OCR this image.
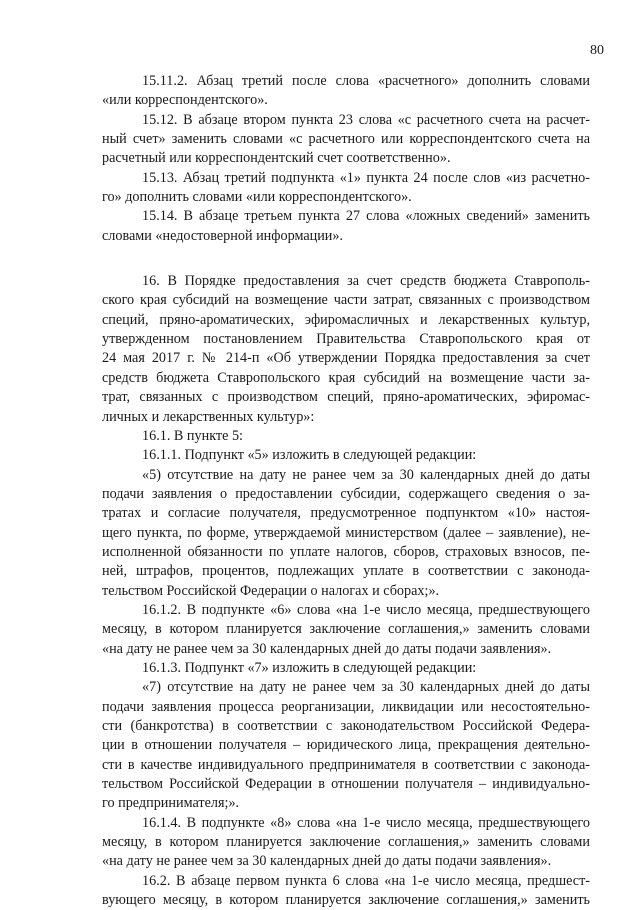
80
15.11.2. Абзац третий после слова «расчетного» дополнить словами
«или корреспондентского».
15.12. В абзаце втором пункта 23 слова «с расчетного счета на расчет-
ный счет» заменить словами «с расчетного или корреспондентского счета на
расчетный или корреспондентский счет соответственно».
15.13. Абзац третий подпункта «1» пункта 24 после слов «из расчетно-
го» дополнить словами «или корреспондентского».
15.14. В абзаце третьем пункта 27 слова «ложных сведений» заменить
словами «недостоверной информации».
16. В Порядке предоставления за счет средств бюджета Ставрополь-
ского края субсидий на возмещение части затрат, связанных с производством
специй, пряно-ароматических, эфиромасличных и лекарственных культур,
утвержденном постановлением Правительства Ставропольского края от
24 мая 2017 г. № 214-п «Об утверждении Порядка предоставления за счет
средств бюджета Ставропольского края субсидий на возмещение части за-
трат, связанных с производством специй, пряно-ароматических, эфиромас-
личных и лекарственных культур»:
16.1. В пункте 5:
16.1.1. Подпункт «5» изложить в следующей редакции:
«5) отсутствие на дату не ранее чем за 30 календарных дней до даты
подачи заявления о предоставлении субсидии, содержащего сведения о за-
тратах и согласие получателя, предусмотренное подпунктом «10» настоя-
щего пункта, по форме, утверждаемой министерством (далее – заявление), не-
исполненной обязанности по уплате налогов, сборов, страховых взносов, пе-
ней, штрафов, процентов, подлежащих уплате в соответствии с законода-
тельством Российской Федерации о налогах и сборах;».
16.1.2. В подпункте «6» слова «на 1-е число месяца, предшествующего
месяцу, в котором планируется заключение соглашения,» заменить словами
«на дату не ранее чем за 30 календарных дней до даты подачи заявления».
16.1.3. Подпункт «7» изложить в следующей редакции:
«7) отсутствие на дату не ранее чем за 30 календарных дней до даты
подачи заявления процесса реорганизации, ликвидации или несостоятельно-
сти (банкротства) в соответствии с законодательством Российской Федера-
ции в отношении получателя – юридического лица, прекращения деятельно-
сти в качестве индивидуального предпринимателя в соответствии с законода-
тельством Российской Федерации в отношении получателя – индивидуально-
го предпринимателя;».
16.1.4. В подпункте «8» слова «на 1-е число месяца, предшествующего
месяцу, в котором планируется заключение соглашения,» заменить словами
«на дату не ранее чем за 30 календарных дней до даты подачи заявления».
16.2. В абзаце первом пункта 6 слова «на 1-е число месяца, предшест-
вующего месяцу, в котором планируется заключение соглашения,» заменить
